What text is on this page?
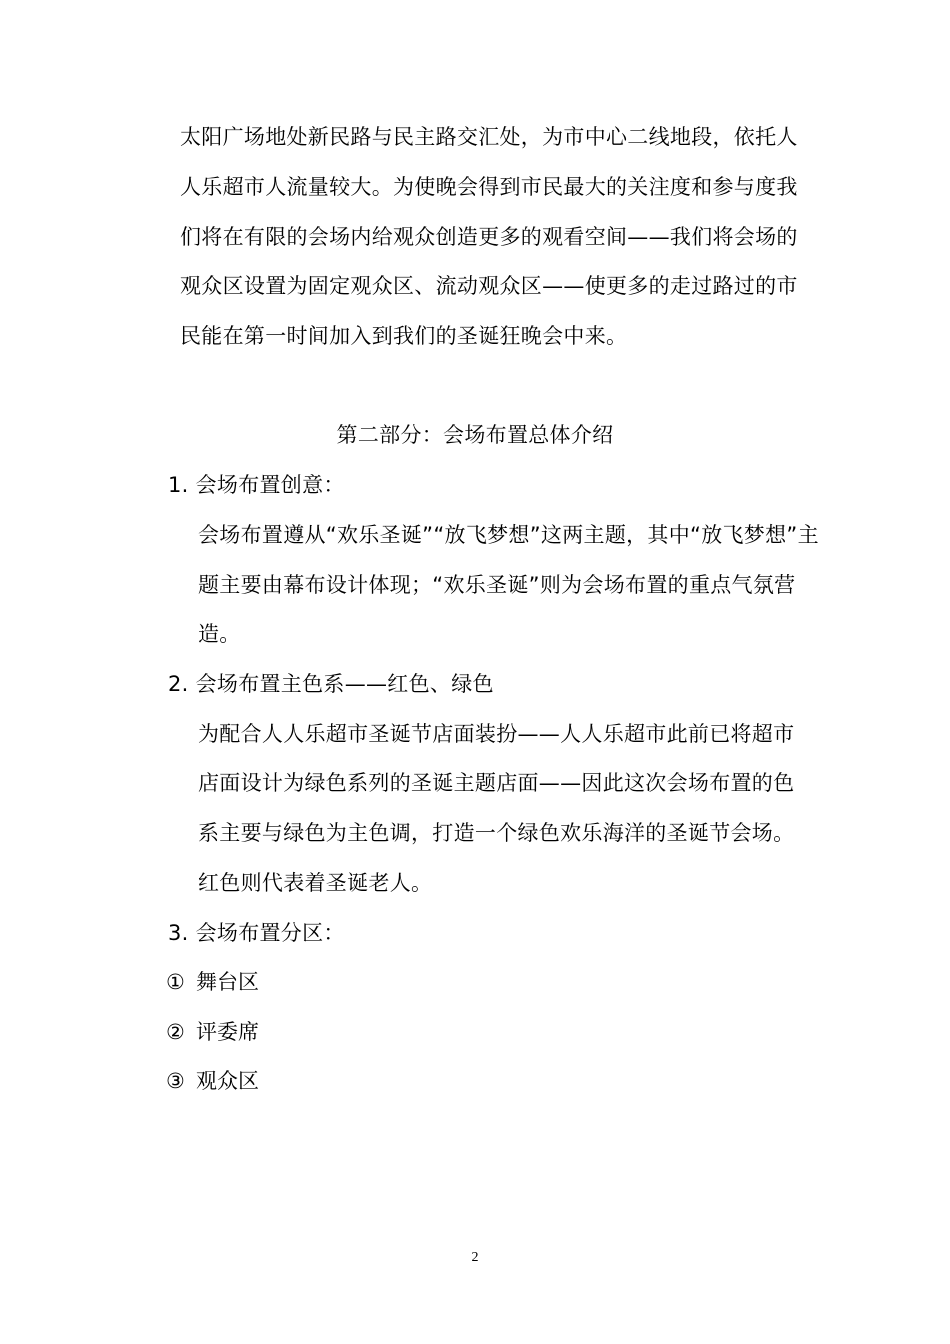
太阳广场地处新民路与民主路交汇处，为市中心二线地段，依托人
人乐超市人流量较大。为使晚会得到市民最大的关注度和参与度我
们将在有限的会场内给观众创造更多的观看空间——我们将会场的
观众区设置为固定观众区、流动观众区——使更多的走过路过的市
民能在第一时间加入到我们的圣诞狂晚会中来。
第二部分：会场布置总体介绍
1. 会场布置创意：
会场布置遵从“欢乐圣诞”“放飞梦想”这两主题，其中“放飞梦想”主
题主要由幕布设计体现；“欢乐圣诞”则为会场布置的重点气氛营
造。
2. 会场布置主色系——红色、绿色
为配合人人乐超市圣诞节店面装扮——人人乐超市此前已将超市
店面设计为绿色系列的圣诞主题店面——因此这次会场布置的色
系主要与绿色为主色调，打造一个绿色欢乐海洋的圣诞节会场。
红色则代表着圣诞老人。
3. 会场布置分区：
① 舞台区
② 评委席
③ 观众区
2
